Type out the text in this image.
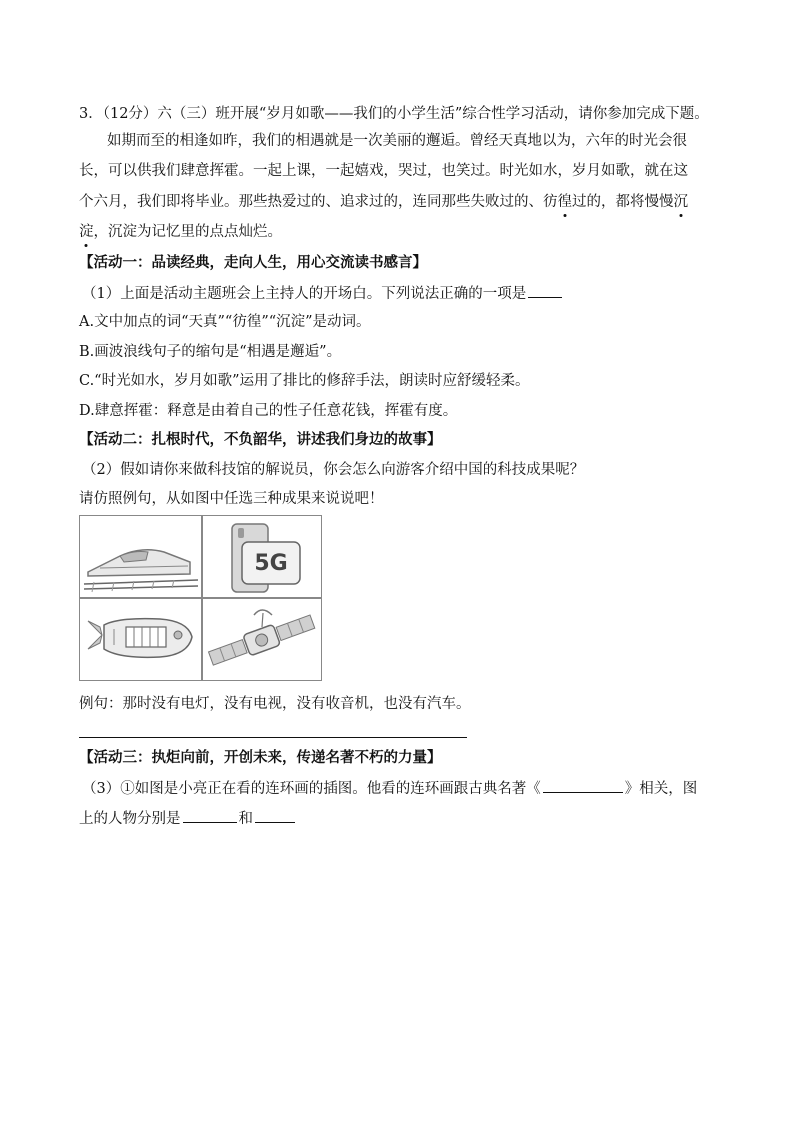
3．（12分）六（三）班开展“岁月如歌——我们的小学生活”综合性学习活动，请你参加完成下题。
如期而至的相逢如昨，我们的相遇就是一次美丽的邂逅。曾经天真地以为，六年的时光会很
长，可以供我们肆意挥霍。一起上课，一起嬉戏，哭过，也笑过。时光如水，岁月如歌，就在这
个六月，我们即将毕业。那些热爱过的、追求过的，连同那些失败过的、彷徨过的，都将慢慢沉
淀，沉淀为记忆里的点点灿烂。
【活动一：品读经典，走向人生，用心交流读书感言】
（1）上面是活动主题班会上主持人的开场白。下列说法正确的一项是
A.文中加点的词“天真”“彷徨”“沉淀”是动词。
B.画波浪线句子的缩句是“相遇是邂逅”。
C.“时光如水，岁月如歌”运用了排比的修辞手法，朗读时应舒缓轻柔。
D.肆意挥霍：释意是由着自己的性子任意花钱，挥霍有度。
【活动二：扎根时代，不负韶华，讲述我们身边的故事】
（2）假如请你来做科技馆的解说员，你会怎么向游客介绍中国的科技成果呢？
请仿照例句，从如图中任选三种成果来说说吧！
5G
例句：那时没有电灯，没有电视，没有收音机，也没有汽车。
【活动三：执炬向前，开创未来，传递名著不朽的力量】
（3）①如图是小亮正在看的连环画的插图。他看的连环画跟古典名著《	》相关，图
上的人物分别是	和
